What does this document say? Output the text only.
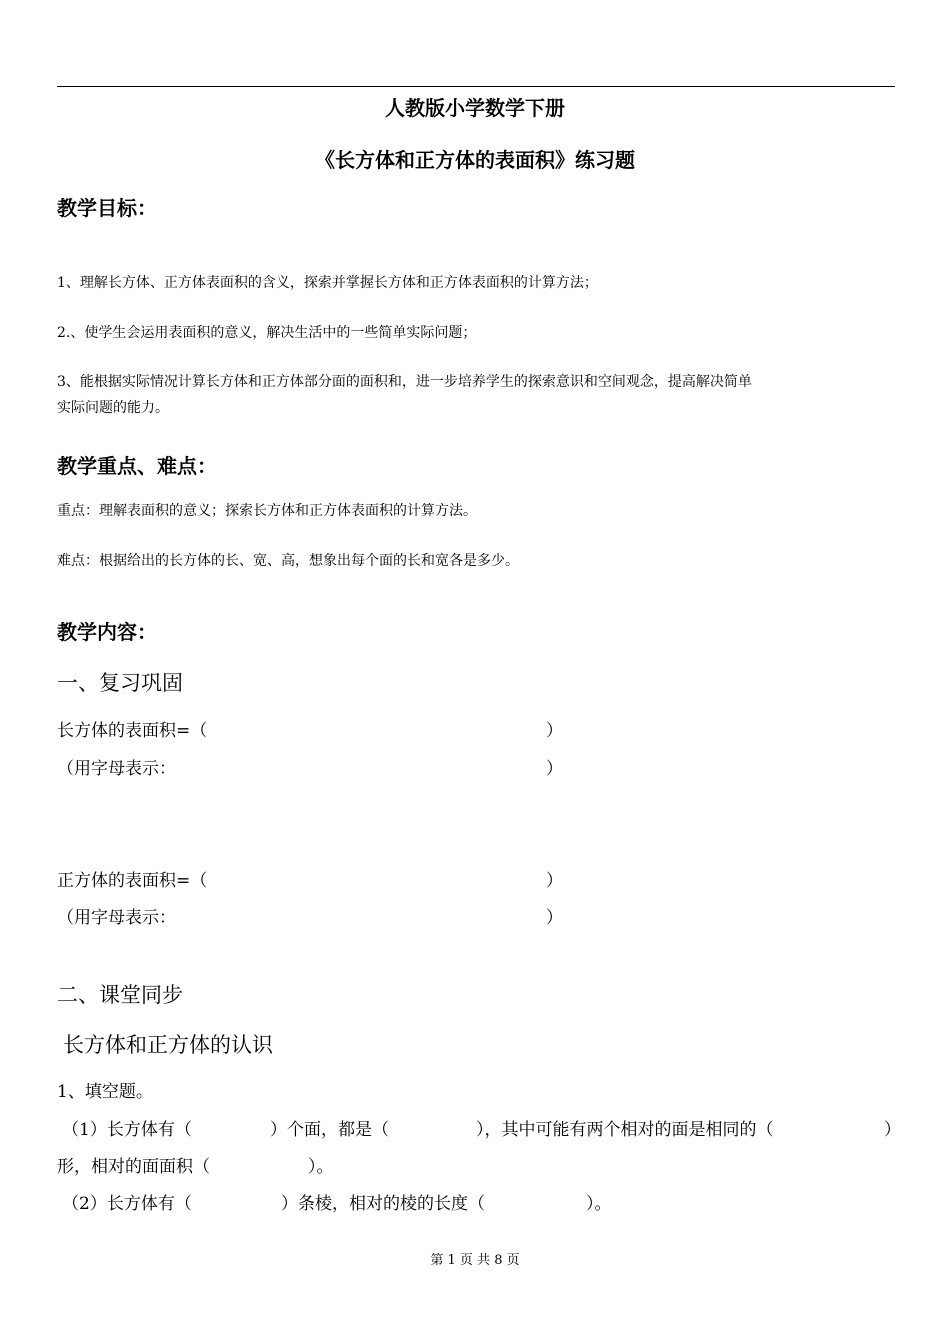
人教版小学数学下册
《长方体和正方体的表面积》练习题
教学目标：
1、理解长方体、正方体表面积的含义，探索并掌握长方体和正方体表面积的计算方法；
2.、使学生会运用表面积的意义，解决生活中的一些简单实际问题；
3、能根据实际情况计算长方体和正方体部分面的面积和，进一步培养学生的探索意识和空间观念，提高解决简单
实际问题的能力。
教学重点、难点：
重点：理解表面积的意义；探索长方体和正方体表面积的计算方法。
难点：根据给出的长方体的长、宽、高，想象出每个面的长和宽各是多少。
教学内容：
一、复习巩固
长方体的表面积=（	）
（用字母表示：	）
正方体的表面积=（	）
（用字母表示：	）
二、课堂同步
长方体和正方体的认识
1、填空题。
（1）长方体有（	）个面，都是（	），其中可能有两个相对的面是相同的（	）
形，相对的面面积（	）。
（2）长方体有（	）条棱，相对的棱的长度（	）。
第 1 页 共 8 页
